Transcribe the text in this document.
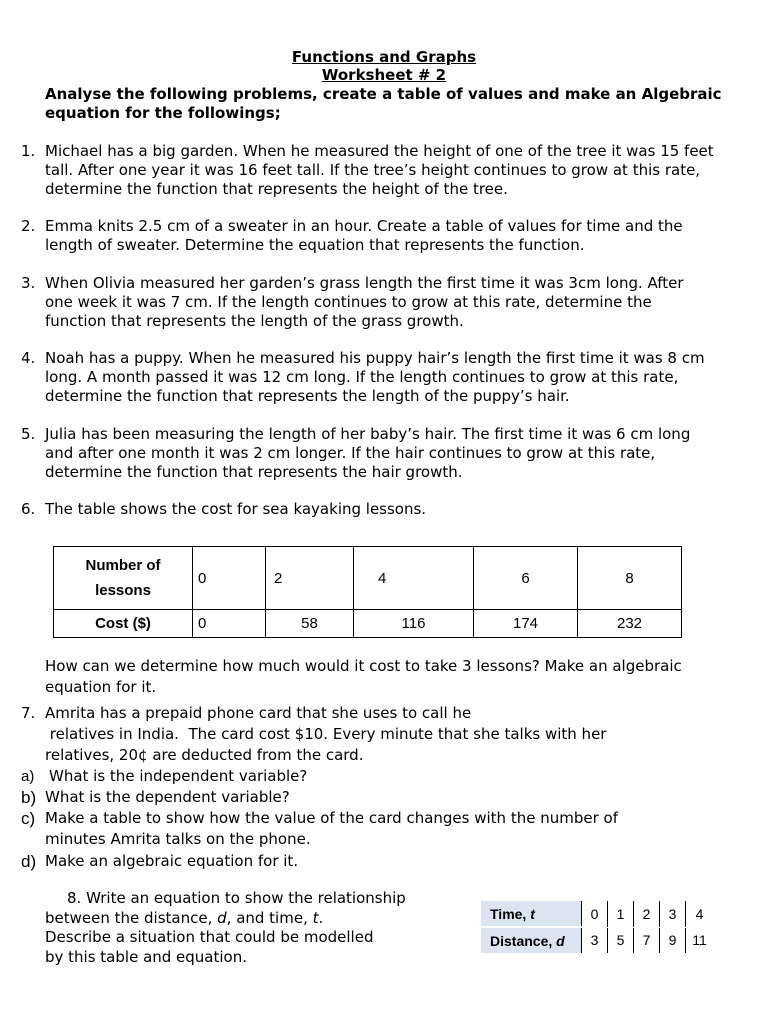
Functions and Graphs
Worksheet # 2
Analyse the following problems, create a table of values and make an Algebraic equation for the followings;
1. Michael has a big garden. When he measured the height of one of the tree it was 15 feet
tall. After one year it was 16 feet tall. If the tree’s height continues to grow at this rate,
determine the function that represents the height of the tree.
2. Emma knits 2.5 cm of a sweater in an hour. Create a table of values for time and the
length of sweater. Determine the equation that represents the function.
3. When Olivia measured her garden’s grass length the first time it was 3cm long. After
one week it was 7 cm. If the length continues to grow at this rate, determine the
function that represents the length of the grass growth.
4. Noah has a puppy. When he measured his puppy hair’s length the first time it was 8 cm
long. A month passed it was 12 cm long. If the length continues to grow at this rate,
determine the function that represents the length of the puppy’s hair.
5. Julia has been measuring the length of her baby’s hair. The first time it was 6 cm long
and after one month it was 2 cm longer. If the hair continues to grow at this rate,
determine the function that represents the hair growth.
6. The table shows the cost for sea kayaking lessons.
Number of
lessons	0	2	4	6	8
Cost ($)	0	58	116	174	232
How can we determine how much would it cost to take 3 lessons? Make an algebraic
equation for it.
7. Amrita has a prepaid phone card that she uses to call he
relatives in India.  The card cost $10. Every minute that she talks with her
relatives, 20¢ are deducted from the card.
a) What is the independent variable?
b) What is the dependent variable?
c) Make a table to show how the value of the card changes with the number of
minutes Amrita talks on the phone.
d) Make an algebraic equation for it.
8. Write an equation to show the relationship
between the distance, d, and time, t.
Describe a situation that could be modelled
by this table and equation.
Time, t	0	1	2	3	4
Distance, d	3	5	7	9	11
